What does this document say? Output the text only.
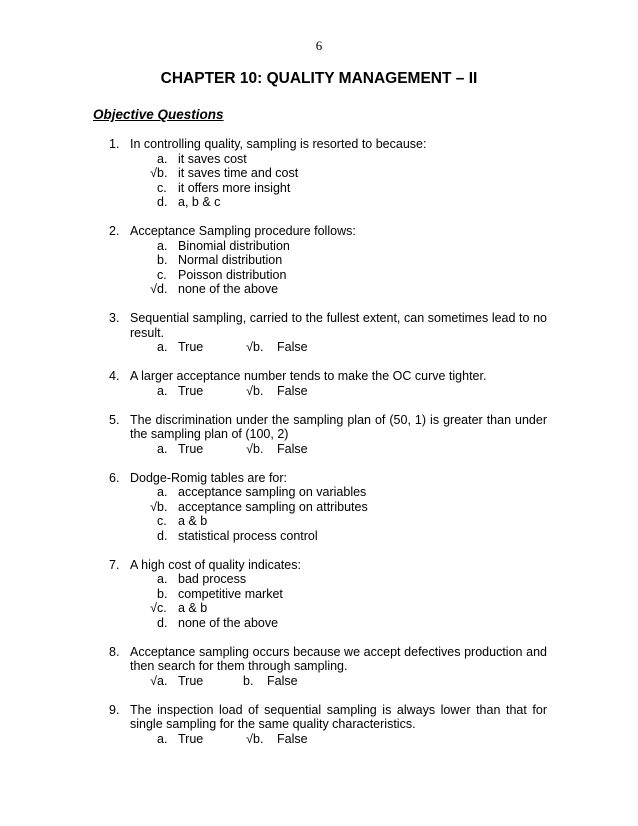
6
CHAPTER 10: QUALITY MANAGEMENT – II
Objective Questions
1. In controlling quality, sampling is resorted to because:
a. it saves cost
√ b. it saves time and cost
c. it offers more insight
d. a, b & c
2. Acceptance Sampling procedure follows:
a. Binomial distribution
b. Normal distribution
c. Poisson distribution
√ d. none of the above
3. Sequential sampling, carried to the fullest extent, can sometimes lead to no result.
a. True	√ b.	False
4. A larger acceptance number tends to make the OC curve tighter.
a. True	√ b.	False
5. The discrimination under the sampling plan of (50, 1) is greater than under the sampling plan of (100, 2)
a. True	√ b.	False
6. Dodge-Romig tables are for:
a. acceptance sampling on variables
√ b. acceptance sampling on attributes
c. a & b
d. statistical process control
7. A high cost of quality indicates:
a. bad process
b. competitive market
√ c. a & b
d. none of the above
8. Acceptance sampling occurs because we accept defectives production and then search for them through sampling.
√ a. True	b.	False
9. The inspection load of sequential sampling is always lower than that for single sampling for the same quality characteristics.
a. True	√ b.	False
